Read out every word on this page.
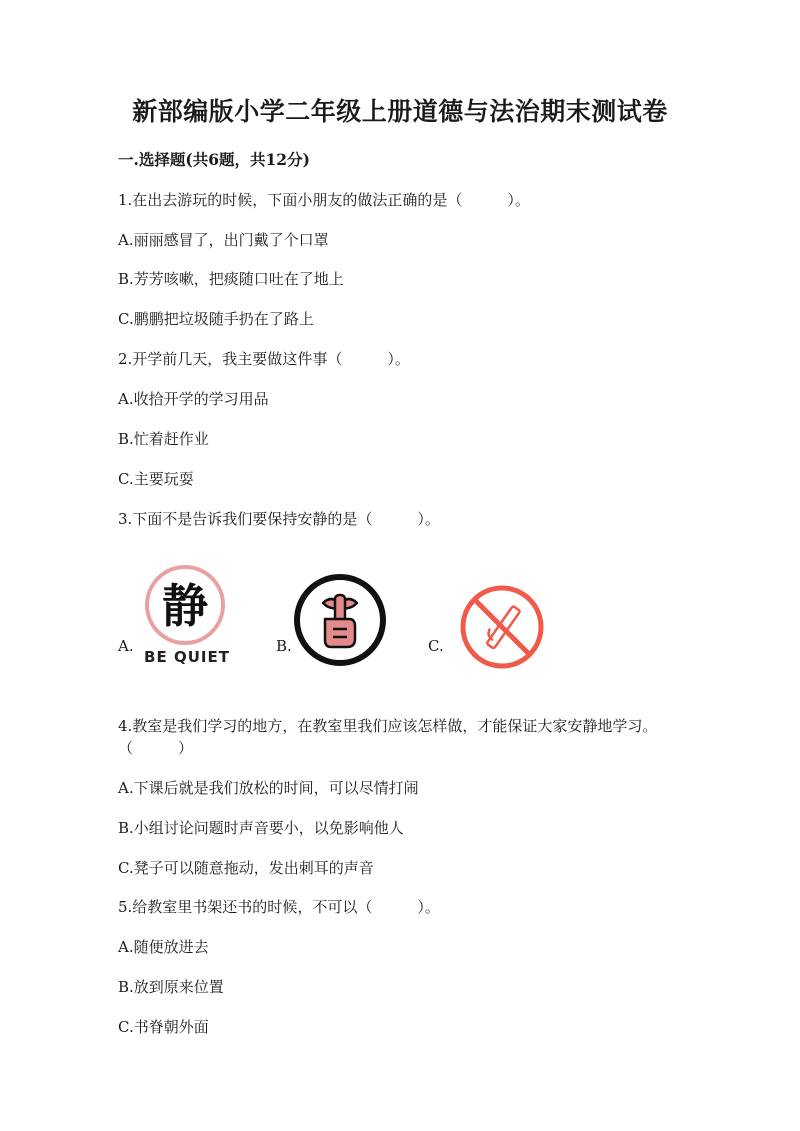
新部编版小学二年级上册道德与法治期末测试卷
一.选择题(共6题，共12分)
1.在出去游玩的时候，下面小朋友的做法正确的是（　　　）。
A.丽丽感冒了，出门戴了个口罩
B.芳芳咳嗽，把痰随口吐在了地上
C.鹏鹏把垃圾随手扔在了路上
2.开学前几天，我主要做这件事（　　　）。
A.收拾开学的学习用品
B.忙着赶作业
C.主要玩耍
3.下面不是告诉我们要保持安静的是（　　　）。
A.	B.	C.
静
BE QUIET
4.教室是我们学习的地方，在教室里我们应该怎样做，才能保证大家安静地学习。（　　　）
A.下课后就是我们放松的时间，可以尽情打闹
B.小组讨论问题时声音要小，以免影响他人
C.凳子可以随意拖动，发出刺耳的声音
5.给教室里书架还书的时候，不可以（　　　）。
A.随便放进去
B.放到原来位置
C.书脊朝外面
